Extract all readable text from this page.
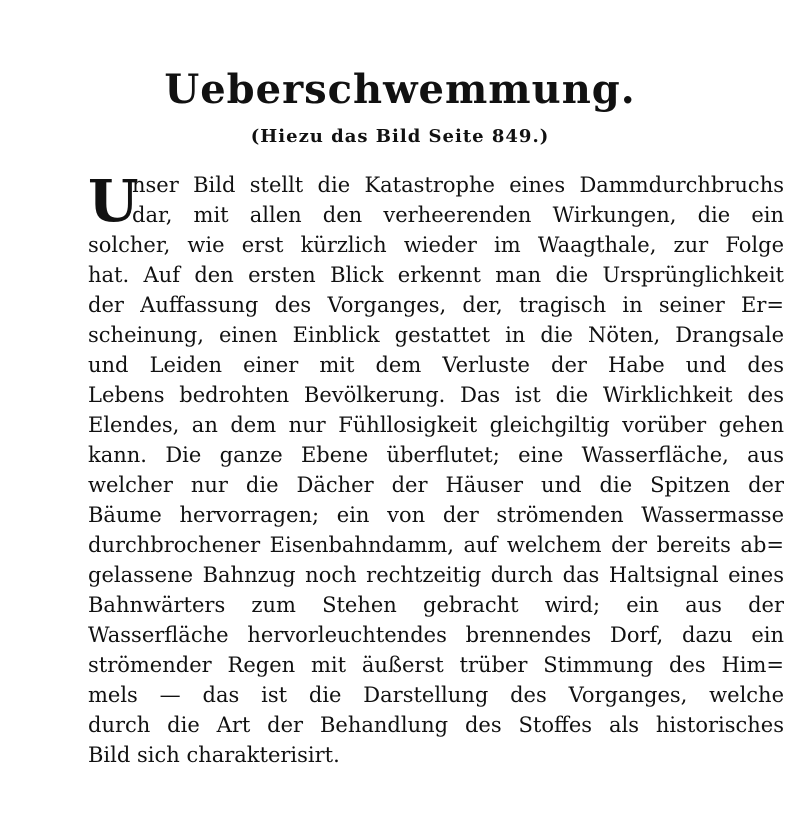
Ueberschwemmung.
(Hiezu das Bild Seite 849.)
U
nser Bild stellt die Katastrophe eines Dammdurchbruchs
dar, mit allen den verheerenden Wirkungen, die ein
solcher, wie erst kürzlich wieder im Waagthale, zur Folge
hat. Auf den ersten Blick erkennt man die Ursprünglichkeit
der Auffassung des Vorganges, der, tragisch in seiner Er=
scheinung, einen Einblick gestattet in die Nöten, Drangsale
und Leiden einer mit dem Verluste der Habe und des
Lebens bedrohten Bevölkerung. Das ist die Wirklichkeit des
Elendes, an dem nur Fühllosigkeit gleichgiltig vorüber gehen
kann. Die ganze Ebene überflutet; eine Wasserfläche, aus
welcher nur die Dächer der Häuser und die Spitzen der
Bäume hervorragen; ein von der strömenden Wassermasse
durchbrochener Eisenbahndamm, auf welchem der bereits ab=
gelassene Bahnzug noch rechtzeitig durch das Haltsignal eines
Bahnwärters zum Stehen gebracht wird; ein aus der
Wasserfläche hervorleuchtendes brennendes Dorf, dazu ein
strömender Regen mit äußerst trüber Stimmung des Him=
mels — das ist die Darstellung des Vorganges, welche
durch die Art der Behandlung des Stoffes als historisches
Bild sich charakterisirt.
